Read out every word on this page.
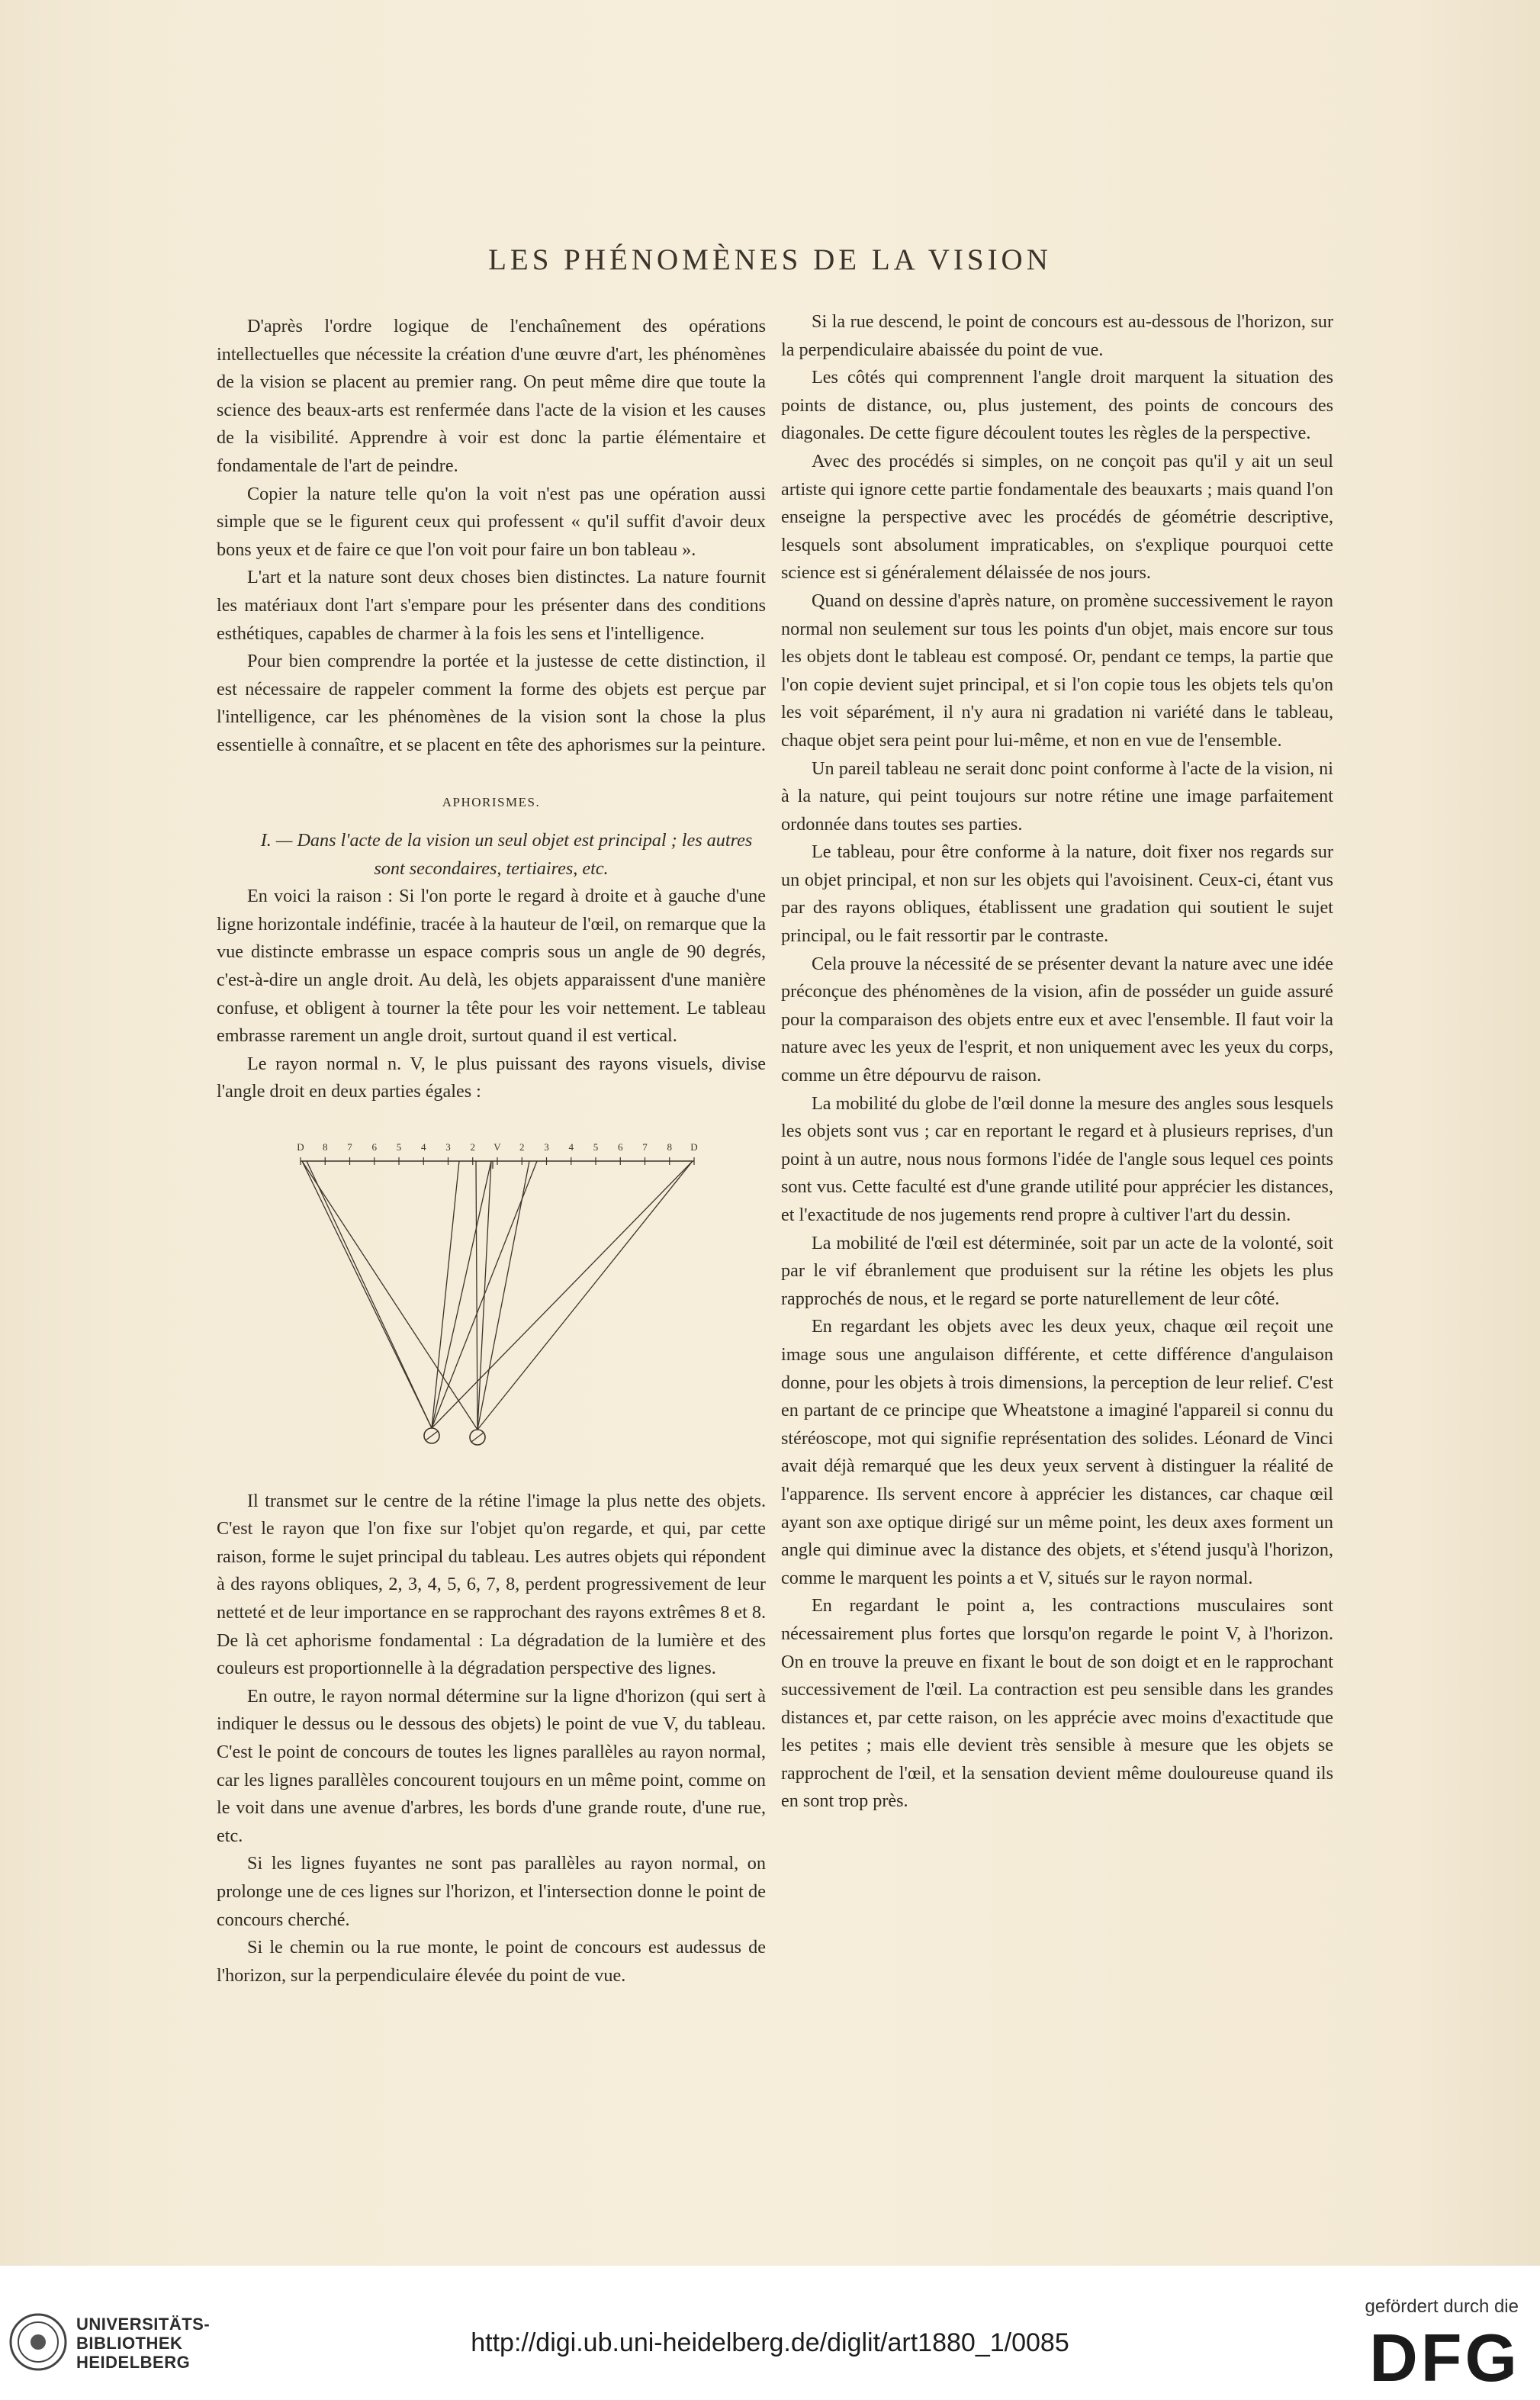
LES PHÉNOMÈNES DE LA VISION

D'après l'ordre logique de l'enchaînement des opérations intellectuelles que nécessite la création d'une œuvre d'art, les phénomènes de la vision se placent au premier rang. On peut même dire que toute la science des beaux-arts est renfermée dans l'acte de la vision et les causes de la visibilité. Apprendre à voir est donc la partie élémentaire et fondamentale de l'art de peindre.

Copier la nature telle qu'on la voit n'est pas une opération aussi simple que se le figurent ceux qui professent « qu'il suffit d'avoir deux bons yeux et de faire ce que l'on voit pour faire un bon tableau ».

L'art et la nature sont deux choses bien distinctes. La nature fournit les matériaux dont l'art s'empare pour les présenter dans des conditions esthétiques, capables de charmer à la fois les sens et l'intelligence.

Pour bien comprendre la portée et la justesse de cette distinction, il est nécessaire de rappeler comment la forme des objets est perçue par l'intelligence, car les phénomènes de la vision sont la chose la plus essentielle à connaître, et se placent en tête des aphorismes sur la peinture.

APHORISMES.

I. — Dans l'acte de la vision un seul objet est principal ; les autres sont secondaires, tertiaires, etc.

En voici la raison : Si l'on porte le regard à droite et à gauche d'une ligne horizontale indéfinie, tracée à la hauteur de l'œil, on remarque que la vue distincte embrasse un espace compris sous un angle de 90 degrés, c'est-à-dire un angle droit. Au delà, les objets apparaissent d'une manière confuse, et obligent à tourner la tête pour les voir nettement. Le tableau embrasse rarement un angle droit, surtout quand il est vertical.

Le rayon normal n. V, le plus puissant des rayons visuels, divise l'angle droit en deux parties égales :

D 8 7 6 5 4 3 2 V 2 3 4 5 6 7 8 D

Il transmet sur le centre de la rétine l'image la plus nette des objets. C'est le rayon que l'on fixe sur l'objet qu'on regarde, et qui, par cette raison, forme le sujet principal du tableau. Les autres objets qui répondent à des rayons obliques, 2, 3, 4, 5, 6, 7, 8, perdent progressivement de leur netteté et de leur importance en se rapprochant des rayons extrêmes 8 et 8. De là cet aphorisme fondamental : La dégradation de la lumière et des couleurs est proportionnelle à la dégradation perspective des lignes.

En outre, le rayon normal détermine sur la ligne d'horizon (qui sert à indiquer le dessus ou le dessous des objets) le point de vue V, du tableau. C'est le point de concours de toutes les lignes parallèles au rayon normal, car les lignes parallèles concourent toujours en un même point, comme on le voit dans une avenue d'arbres, les bords d'une grande route, d'une rue, etc.

Si les lignes fuyantes ne sont pas parallèles au rayon normal, on prolonge une de ces lignes sur l'horizon, et l'intersection donne le point de concours cherché.

Si le chemin ou la rue monte, le point de concours est audessus de l'horizon, sur la perpendiculaire élevée du point de vue.

Si la rue descend, le point de concours est au-dessous de l'horizon, sur la perpendiculaire abaissée du point de vue.

Les côtés qui comprennent l'angle droit marquent la situation des points de distance, ou, plus justement, des points de concours des diagonales. De cette figure découlent toutes les règles de la perspective.

Avec des procédés si simples, on ne conçoit pas qu'il y ait un seul artiste qui ignore cette partie fondamentale des beauxarts ; mais quand l'on enseigne la perspective avec les procédés de géométrie descriptive, lesquels sont absolument impraticables, on s'explique pourquoi cette science est si généralement délaissée de nos jours.

Quand on dessine d'après nature, on promène successivement le rayon normal non seulement sur tous les points d'un objet, mais encore sur tous les objets dont le tableau est composé. Or, pendant ce temps, la partie que l'on copie devient sujet principal, et si l'on copie tous les objets tels qu'on les voit séparément, il n'y aura ni gradation ni variété dans le tableau, chaque objet sera peint pour lui-même, et non en vue de l'ensemble.

Un pareil tableau ne serait donc point conforme à l'acte de la vision, ni à la nature, qui peint toujours sur notre rétine une image parfaitement ordonnée dans toutes ses parties.

Le tableau, pour être conforme à la nature, doit fixer nos regards sur un objet principal, et non sur les objets qui l'avoisinent. Ceux-ci, étant vus par des rayons obliques, établissent une gradation qui soutient le sujet principal, ou le fait ressortir par le contraste.

Cela prouve la nécessité de se présenter devant la nature avec une idée préconçue des phénomènes de la vision, afin de posséder un guide assuré pour la comparaison des objets entre eux et avec l'ensemble. Il faut voir la nature avec les yeux de l'esprit, et non uniquement avec les yeux du corps, comme un être dépourvu de raison.

La mobilité du globe de l'œil donne la mesure des angles sous lesquels les objets sont vus ; car en reportant le regard et à plusieurs reprises, d'un point à un autre, nous nous formons l'idée de l'angle sous lequel ces points sont vus. Cette faculté est d'une grande utilité pour apprécier les distances, et l'exactitude de nos jugements rend propre à cultiver l'art du dessin.

La mobilité de l'œil est déterminée, soit par un acte de la volonté, soit par le vif ébranlement que produisent sur la rétine les objets les plus rapprochés de nous, et le regard se porte naturellement de leur côté.

En regardant les objets avec les deux yeux, chaque œil reçoit une image sous une angulaison différente, et cette différence d'angulaison donne, pour les objets à trois dimensions, la perception de leur relief. C'est en partant de ce principe que Wheatstone a imaginé l'appareil si connu du stéréoscope, mot qui signifie représentation des solides. Léonard de Vinci avait déjà remarqué que les deux yeux servent à distinguer la réalité de l'apparence. Ils servent encore à apprécier les distances, car chaque œil ayant son axe optique dirigé sur un même point, les deux axes forment un angle qui diminue avec la distance des objets, et s'étend jusqu'à l'horizon, comme le marquent les points a et V, situés sur le rayon normal.

En regardant le point a, les contractions musculaires sont nécessairement plus fortes que lorsqu'on regarde le point V, à l'horizon. On en trouve la preuve en fixant le bout de son doigt et en le rapprochant successivement de l'œil. La contraction est peu sensible dans les grandes distances et, par cette raison, on les apprécie avec moins d'exactitude que les petites ; mais elle devient très sensible à mesure que les objets se rapprochent de l'œil, et la sensation devient même douloureuse quand ils en sont trop près.

UNIVERSITÄTS-
BIBLIOTHEK
HEIDELBERG
http://digi.ub.uni-heidelberg.de/diglit/art1880_1/0085
gefördert durch die
DFG
